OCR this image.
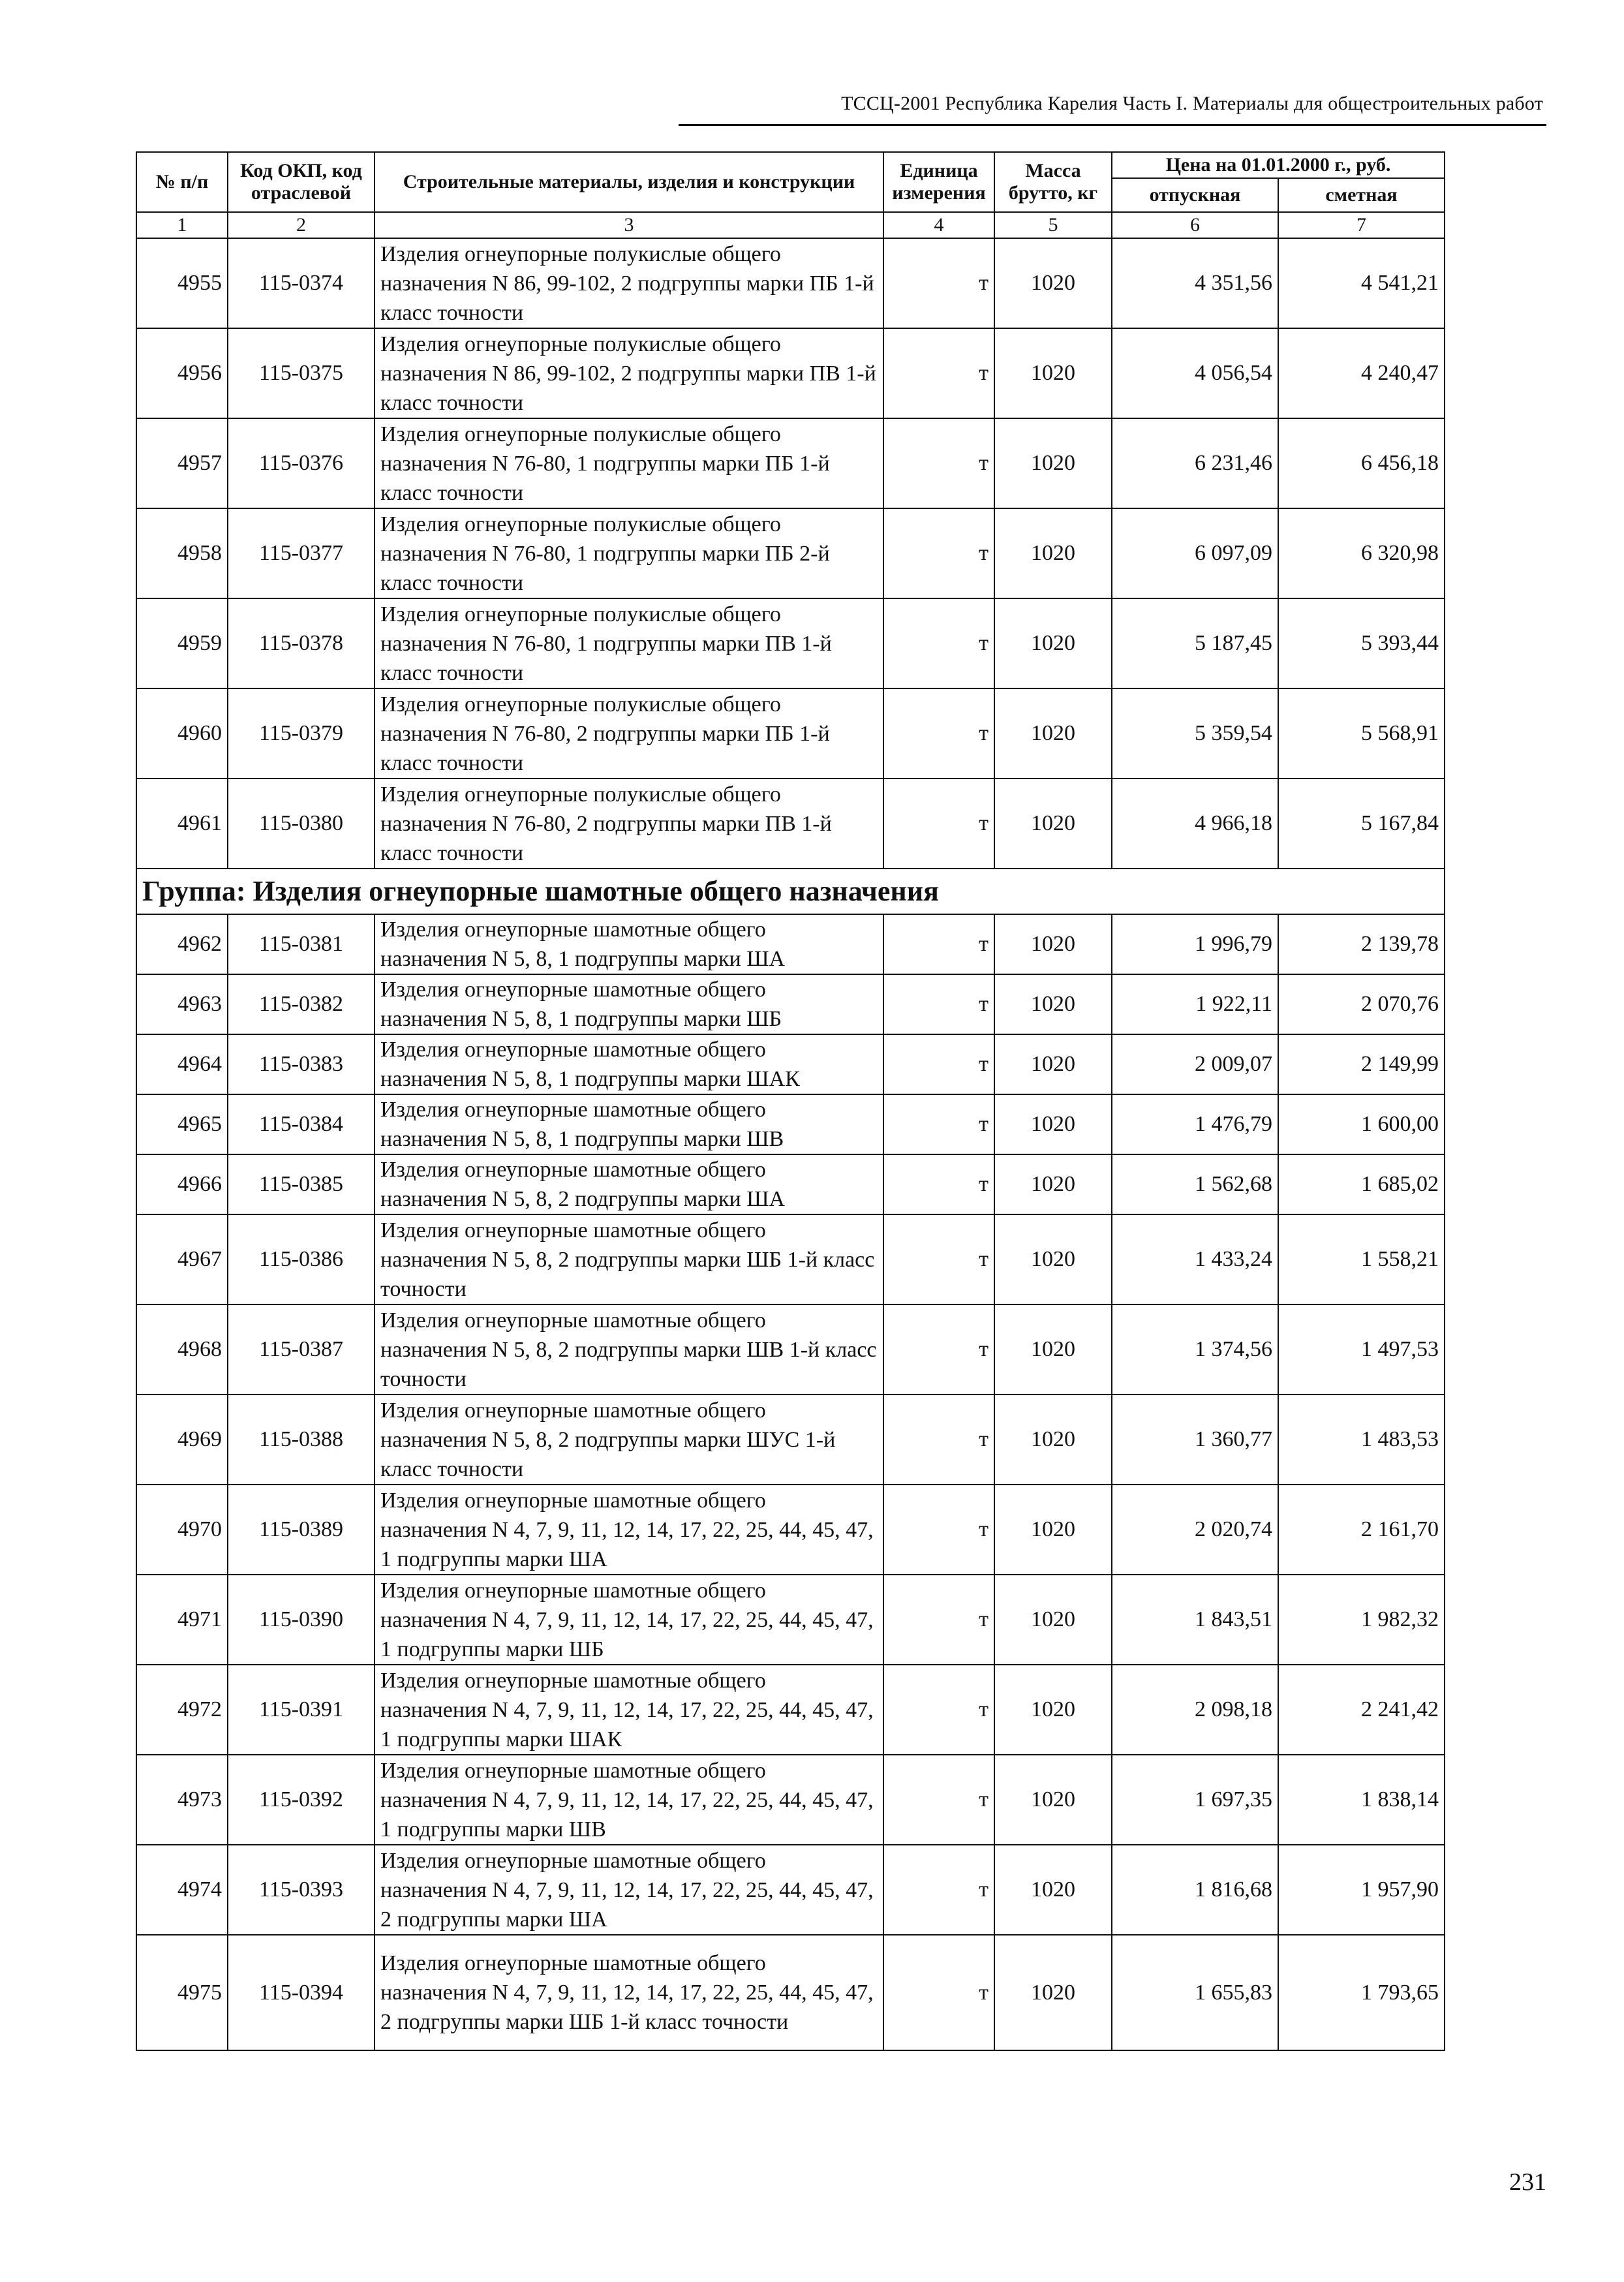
ТССЦ-2001 Республика Карелия Часть I. Материалы для общестроительных работ
№ п/п	Код ОКП, код отраслевой	Строительные материалы, изделия и конструкции	Единица измерения	Масса брутто, кг	Цена на 01.01.2000 г., руб.	
					отпускная	сметная
1	2	3	4	5	6	7
4955	115-0374	Изделия огнеупорные полукислые общего назначения N 86, 99-102, 2 подгруппы марки ПБ 1-й класс точности	т	1020	4 351,56	4 541,21
4956	115-0375	Изделия огнеупорные полукислые общего назначения N 86, 99-102, 2 подгруппы марки ПВ 1-й класс точности	т	1020	4 056,54	4 240,47
4957	115-0376	Изделия огнеупорные полукислые общего назначения N 76-80, 1 подгруппы марки ПБ 1-й класс точности	т	1020	6 231,46	6 456,18
4958	115-0377	Изделия огнеупорные полукислые общего назначения N 76-80, 1 подгруппы марки ПБ 2-й класс точности	т	1020	6 097,09	6 320,98
4959	115-0378	Изделия огнеупорные полукислые общего назначения N 76-80, 1 подгруппы марки ПВ 1-й класс точности	т	1020	5 187,45	5 393,44
4960	115-0379	Изделия огнеупорные полукислые общего назначения N 76-80, 2 подгруппы марки ПБ 1-й класс точности	т	1020	5 359,54	5 568,91
4961	115-0380	Изделия огнеупорные полукислые общего назначения N 76-80, 2 подгруппы марки ПВ 1-й класс точности	т	1020	4 966,18	5 167,84
Группа: Изделия огнеупорные шамотные общего назначения						
4962	115-0381	Изделия огнеупорные шамотные общего назначения N 5, 8, 1 подгруппы марки ША	т	1020	1 996,79	2 139,78
4963	115-0382	Изделия огнеупорные шамотные общего назначения N 5, 8, 1 подгруппы марки ШБ	т	1020	1 922,11	2 070,76
4964	115-0383	Изделия огнеупорные шамотные общего назначения N 5, 8, 1 подгруппы марки ШАК	т	1020	2 009,07	2 149,99
4965	115-0384	Изделия огнеупорные шамотные общего назначения N 5, 8, 1 подгруппы марки ШВ	т	1020	1 476,79	1 600,00
4966	115-0385	Изделия огнеупорные шамотные общего назначения N 5, 8, 2 подгруппы марки ША	т	1020	1 562,68	1 685,02
4967	115-0386	Изделия огнеупорные шамотные общего назначения N 5, 8, 2 подгруппы марки ШБ 1-й класс точности	т	1020	1 433,24	1 558,21
4968	115-0387	Изделия огнеупорные шамотные общего назначения N 5, 8, 2 подгруппы марки ШВ 1-й класс точности	т	1020	1 374,56	1 497,53
4969	115-0388	Изделия огнеупорные шамотные общего назначения N 5, 8, 2 подгруппы марки ШУС 1-й класс точности	т	1020	1 360,77	1 483,53
4970	115-0389	Изделия огнеупорные шамотные общего назначения N 4, 7, 9, 11, 12, 14, 17, 22, 25, 44, 45, 47, 1 подгруппы марки ША	т	1020	2 020,74	2 161,70
4971	115-0390	Изделия огнеупорные шамотные общего назначения N 4, 7, 9, 11, 12, 14, 17, 22, 25, 44, 45, 47, 1 подгруппы марки ШБ	т	1020	1 843,51	1 982,32
4972	115-0391	Изделия огнеупорные шамотные общего назначения N 4, 7, 9, 11, 12, 14, 17, 22, 25, 44, 45, 47, 1 подгруппы марки ШАК	т	1020	2 098,18	2 241,42
4973	115-0392	Изделия огнеупорные шамотные общего назначения N 4, 7, 9, 11, 12, 14, 17, 22, 25, 44, 45, 47, 1 подгруппы марки ШВ	т	1020	1 697,35	1 838,14
4974	115-0393	Изделия огнеупорные шамотные общего назначения N 4, 7, 9, 11, 12, 14, 17, 22, 25, 44, 45, 47, 2 подгруппы марки ША	т	1020	1 816,68	1 957,90
4975	115-0394	Изделия огнеупорные шамотные общего назначения N 4, 7, 9, 11, 12, 14, 17, 22, 25, 44, 45, 47, 2 подгруппы марки ШБ 1-й класс точности	т	1020	1 655,83	1 793,65
231
